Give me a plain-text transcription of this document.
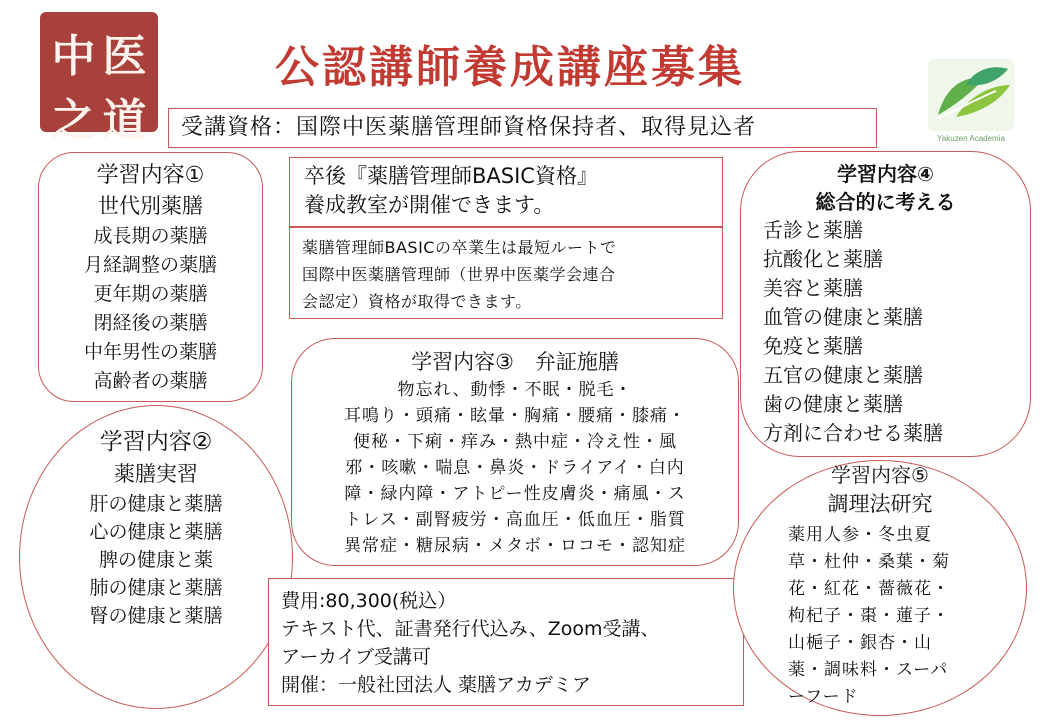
中 医
之 道
公認講師養成講座募集
Yakuzen Academia
受講資格：国際中医薬膳管理師資格保持者、取得見込者
学習内容①
世代別薬膳
成長期の薬膳
月経調整の薬膳
更年期の薬膳
閉経後の薬膳
中年男性の薬膳
高齢者の薬膳
学習内容②
薬膳実習
肝の健康と薬膳
心の健康と薬膳
脾の健康と薬
肺の健康と薬膳
腎の健康と薬膳
卒後『薬膳管理師BASIC資格』
養成教室が開催できます。
薬膳管理師BASICの卒業生は最短ルートで
国際中医薬膳管理師（世界中医薬学会連合
会認定）資格が取得できます。
学習内容③　弁証施膳
物忘れ、動悸・不眠・脱毛・
耳鳴り・頭痛・眩暈・胸痛・腰痛・膝痛・
便秘・下痢・痒み・熱中症・冷え性・風
邪・咳嗽・喘息・鼻炎・ドライアイ・白内
障・緑内障・アトピー性皮膚炎・痛風・ス
トレス・副腎疲労・高血圧・低血圧・脂質
異常症・糖尿病・メタボ・ロコモ・認知症
費用:80,300(税込）
テキスト代、証書発行代込み、Zoom受講、
アーカイブ受講可
開催：一般社団法人 薬膳アカデミア
学習内容④
総合的に考える
舌診と薬膳
抗酸化と薬膳
美容と薬膳
血管の健康と薬膳
免疫と薬膳
五官の健康と薬膳
歯の健康と薬膳
方剤に合わせる薬膳
学習内容⑤
調理法研究
薬用人参・冬虫夏
草・杜仲・桑葉・菊
花・紅花・薔薇花・
枸杞子・棗・蓮子・
山梔子・銀杏・山
薬・調味料・スーパ
ーフード
